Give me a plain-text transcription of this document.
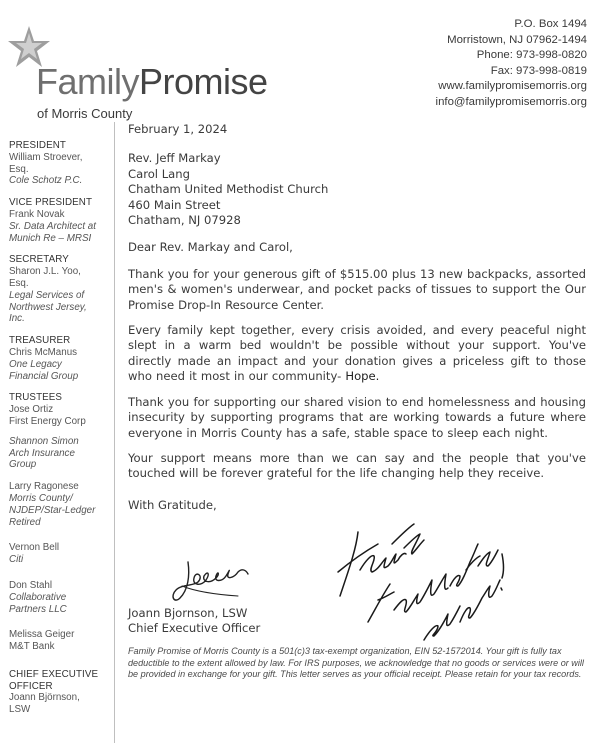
FamilyPromise
of Morris County
P.O. Box 1494
Morristown, NJ 07962-1494
Phone: 973-998-0820
Fax: 973-998-0819
www.familypromisemorris.org
info@familypromisemorris.org
PRESIDENT
William Stroever,
Esq.
Cole Schotz P.C.
VICE PRESIDENT
Frank Novak
Sr. Data Architect at
Munich Re – MRSI
SECRETARY
Sharon J.L. Yoo,
Esq.
Legal Services of
Northwest Jersey,
Inc.
TREASURER
Chris McManus
One Legacy
Financial Group
TRUSTEES
Jose Ortiz
First Energy Corp
Shannon Simon
Arch Insurance
Group
Larry Ragonese
Morris County/
NJDEP/Star-Ledger
Retired
Vernon Bell
Citi
Don Stahl
Collaborative
Partners LLC
Melissa Geiger
M&T Bank
CHIEF EXECUTIVE
OFFICER
Joann Björnson,
LSW
February 1, 2024
Rev. Jeff Markay
Carol Lang
Chatham United Methodist Church
460 Main Street
Chatham, NJ 07928
Dear Rev. Markay and Carol,

Thank you for your generous gift of $515.00 plus 13 new backpacks, assorted men's & women's underwear, and pocket packs of tissues to support the Our Promise Drop-In Resource Center.

Every family kept together, every crisis avoided, and every peaceful night slept in a warm bed wouldn't be possible without your support. You've directly made an impact and your donation gives a priceless gift to those who need it most in our community- Hope.

Thank you for supporting our shared vision to end homelessness and housing insecurity by supporting programs that are working towards a future where everyone in Morris County has a safe, stable space to sleep each night.

Your support means more than we can say and the people that you've touched will be forever grateful for the life changing help they receive.

With Gratitude,
Joann Bjornson, LSW
Chief Executive Officer
Family Promise of Morris County is a 501(c)3 tax-exempt organization, EIN 52-1572014. Your gift is fully tax deductible to the extent allowed by law. For IRS purposes, we acknowledge that no goods or services were or will be provided in exchange for your gift. This letter serves as your official receipt. Please retain for your tax records.
